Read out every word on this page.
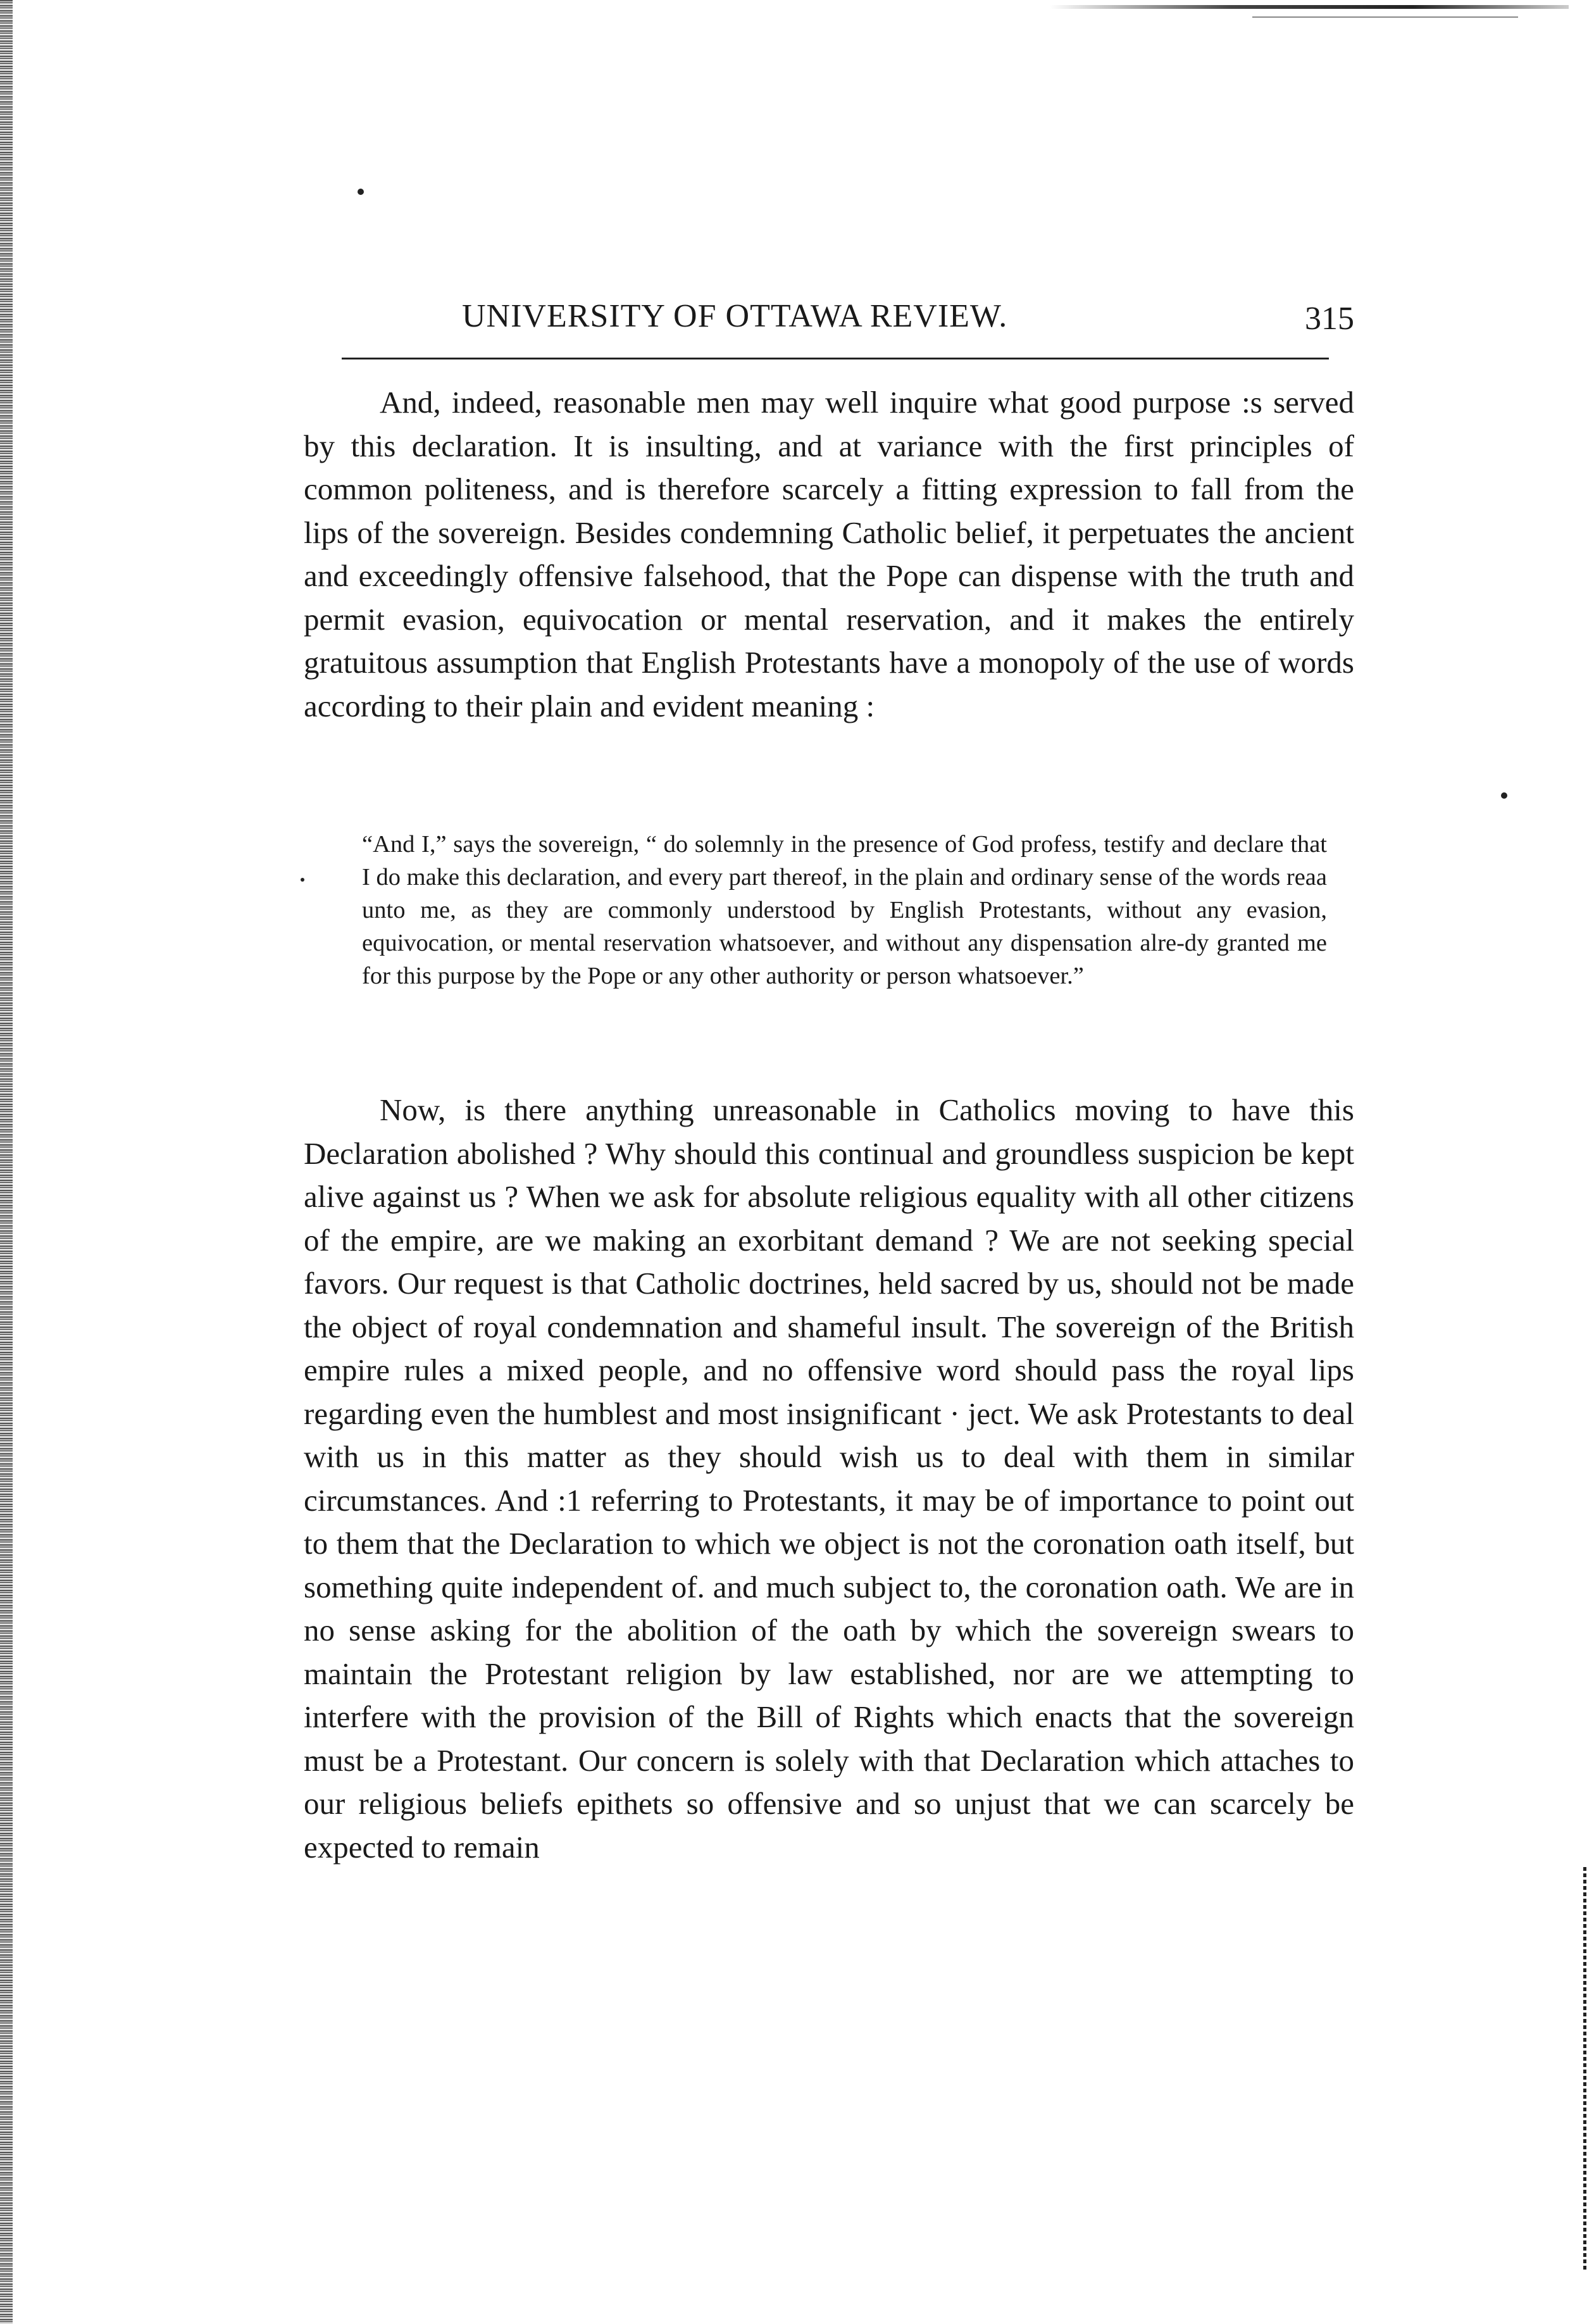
UNIVERSITY OF OTTAWA REVIEW.	315

And, indeed, reasonable men may well inquire what good purpose :s served by this declaration. It is insulting, and at variance with the first principles of common politeness, and is therefore scarcely a fitting expression to fall from the lips of the sovereign. Besides condemning Catholic belief, it perpetuates the ancient and exceedingly offensive falsehood, that the Pope can dispense with the truth and permit evasion, equivocation or mental reservation, and it makes the entirely gratuitous assumption that English Protestants have a monopoly of the use of words according to their plain and evident meaning :

“And I,” says the sovereign, “ do solemnly in the presence of God profess, testify and declare that I do make this declaration, and every part thereof, in the plain and ordinary sense of the words reaa unto me, as they are commonly understood by English Protestants, without any evasion, equivocation, or mental reservation whatsoever, and without any dispensation alre-dy granted me for this purpose by the Pope or any other authority or person whatsoever.”

Now, is there anything unreasonable in Catholics moving to have this Declaration abolished ? Why should this continual and groundless suspicion be kept alive against us ? When we ask for absolute religious equality with all other citizens of the empire, are we making an exorbitant demand ? We are not seeking special favors. Our request is that Catholic doctrines, held sacred by us, should not be made the object of royal condemnation and shameful insult. The sovereign of the British empire rules a mixed people, and no offensive word should pass the royal lips regarding even the humblest and most insignificant · ject. We ask Protestants to deal with us in this matter as they should wish us to deal with them in similar circumstances. And :1 referring to Protestants, it may be of importance to point out to them that the Declaration to which we object is not the coronation oath itself, but something quite independent of. and much subject to, the coronation oath. We are in no sense asking for the abolition of the oath by which the sovereign swears to maintain the Protestant religion by law established, nor are we attempting to interfere with the provision of the Bill of Rights which enacts that the sovereign must be a Protestant. Our concern is solely with that Declaration which attaches to our religious beliefs epithets so offensive and so unjust that we can scarcely be expected to remain
